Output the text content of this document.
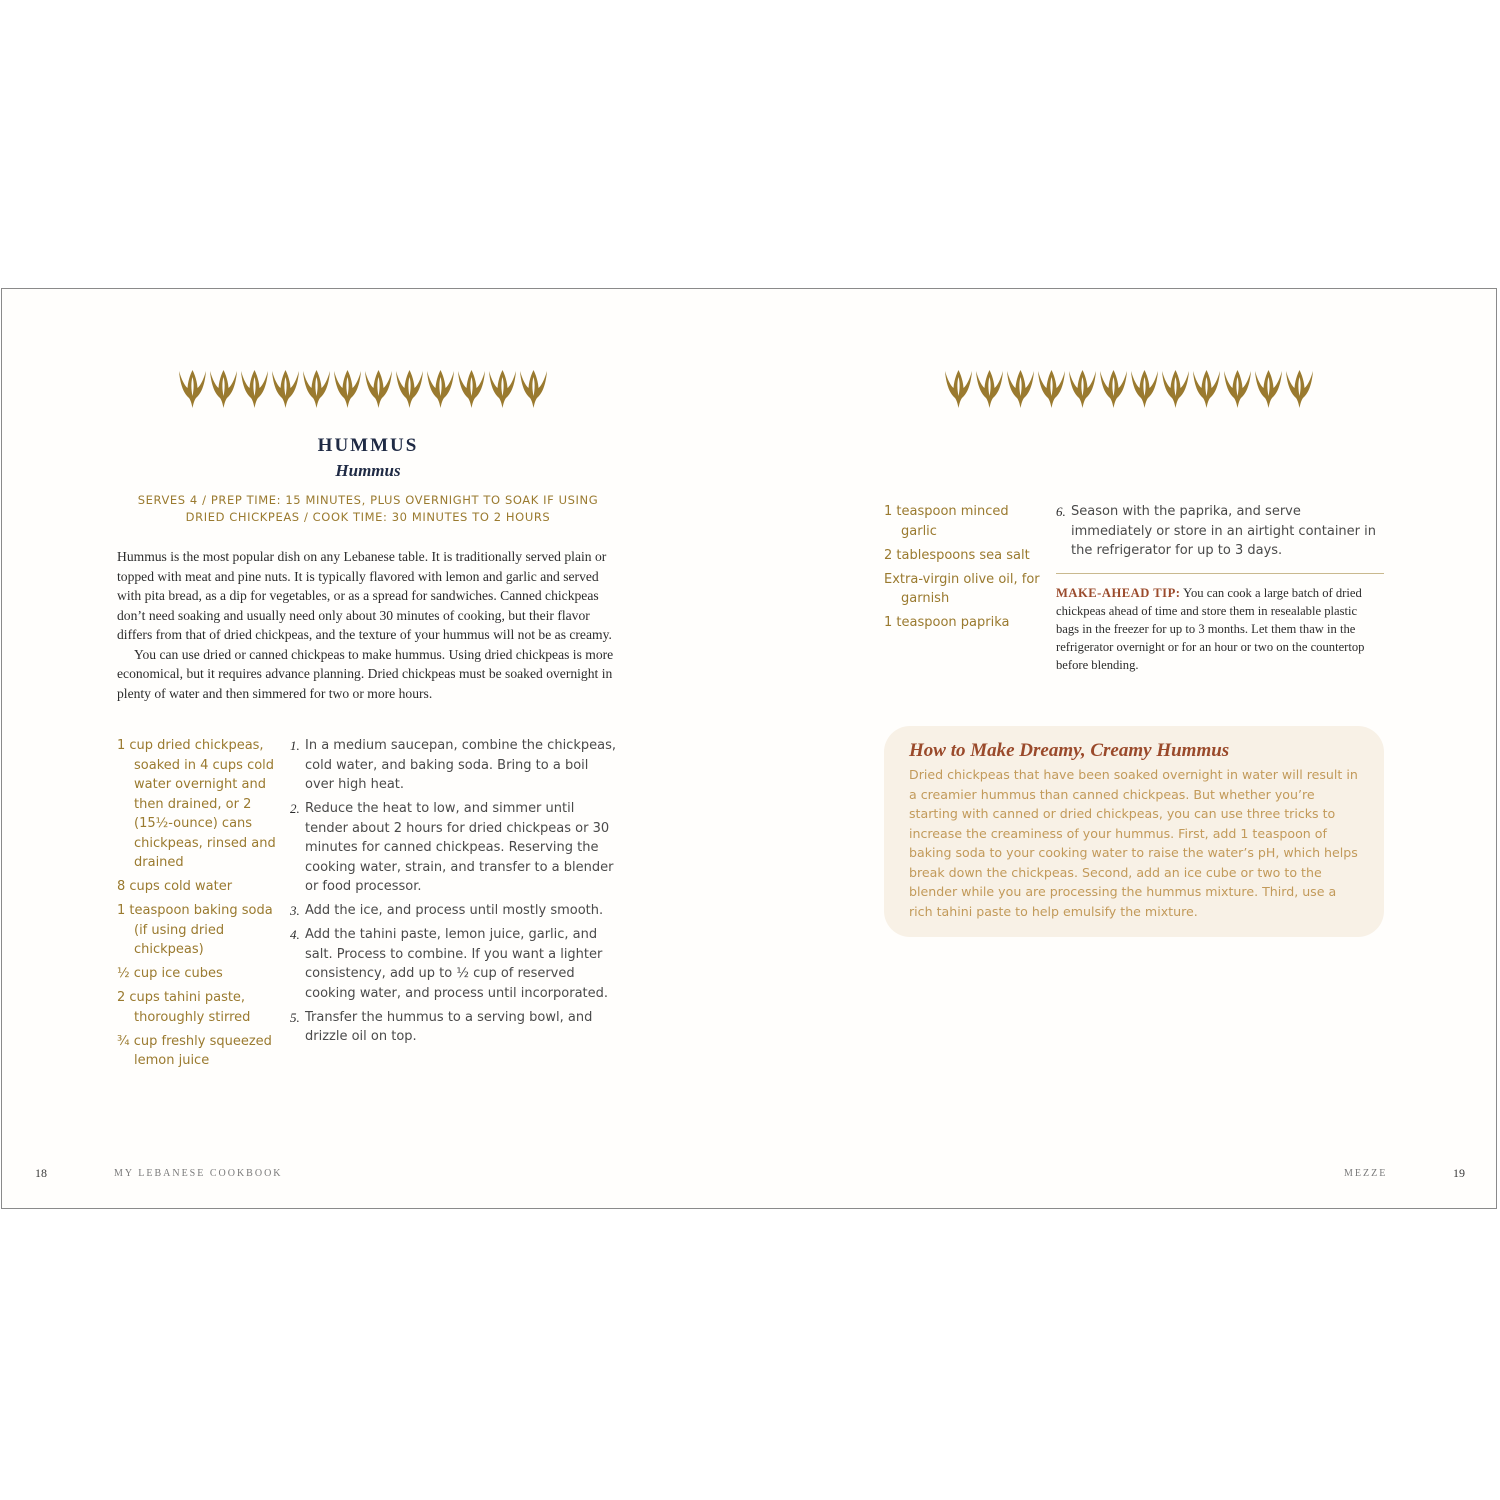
HUMMUS
Hummus
SERVES 4 / PREP TIME: 15 MINUTES, PLUS OVERNIGHT TO SOAK IF USING
DRIED CHICKPEAS / COOK TIME: 30 MINUTES TO 2 HOURS

Hummus is the most popular dish on any Lebanese table. It is traditionally served plain or topped with meat and pine nuts. It is typically flavored with lemon and garlic and served with pita bread, as a dip for vegetables, or as a spread for sandwiches. Canned chickpeas don’t need soaking and usually need only about 30 minutes of cooking, but their flavor differs from that of dried chickpeas, and the texture of your hummus will not be as creamy.

You can use dried or canned chickpeas to make hummus. Using dried chickpeas is more economical, but it requires advance planning. Dried chickpeas must be soaked overnight in plenty of water and then simmered for two or more hours.

1 cup dried chickpeas, soaked in 4 cups cold water overnight and then drained, or 2 (15½-ounce) cans chickpeas, rinsed and drained
8 cups cold water
1 teaspoon baking soda (if using dried chickpeas)
½ cup ice cubes
2 cups tahini paste, thoroughly stirred
¾ cup freshly squeezed lemon juice
1. In a medium saucepan, combine the chickpeas, cold water, and baking soda. Bring to a boil over high heat.
2. Reduce the heat to low, and simmer until tender about 2 hours for dried chickpeas or 30 minutes for canned chickpeas. Reserving the cooking water, strain, and transfer to a blender or food processor.
3. Add the ice, and process until mostly smooth.
4. Add the tahini paste, lemon juice, garlic, and salt. Process to combine. If you want a lighter consistency, add up to ½ cup of reserved cooking water, and process until incorporated.
5. Transfer the hummus to a serving bowl, and drizzle oil on top.
18	MY LEBANESE COOKBOOK
1 teaspoon minced garlic
2 tablespoons sea salt
Extra-virgin olive oil, for garnish
1 teaspoon paprika
6. Season with the paprika, and serve immediately or store in an airtight container in the refrigerator for up to 3 days.
MAKE-AHEAD TIP: You can cook a large batch of dried chickpeas ahead of time and store them in resealable plastic bags in the freezer for up to 3 months. Let them thaw in the refrigerator overnight or for an hour or two on the countertop before blending.
How to Make Dreamy, Creamy Hummus

Dried chickpeas that have been soaked overnight in water will result in a creamier hummus than canned chickpeas. But whether you’re starting with canned or dried chickpeas, you can use three tricks to increase the creaminess of your hummus. First, add 1 teaspoon of baking soda to your cooking water to raise the water’s pH, which helps break down the chickpeas. Second, add an ice cube or two to the blender while you are processing the hummus mixture. Third, use a rich tahini paste to help emulsify the mixture.

MEZZE	19
